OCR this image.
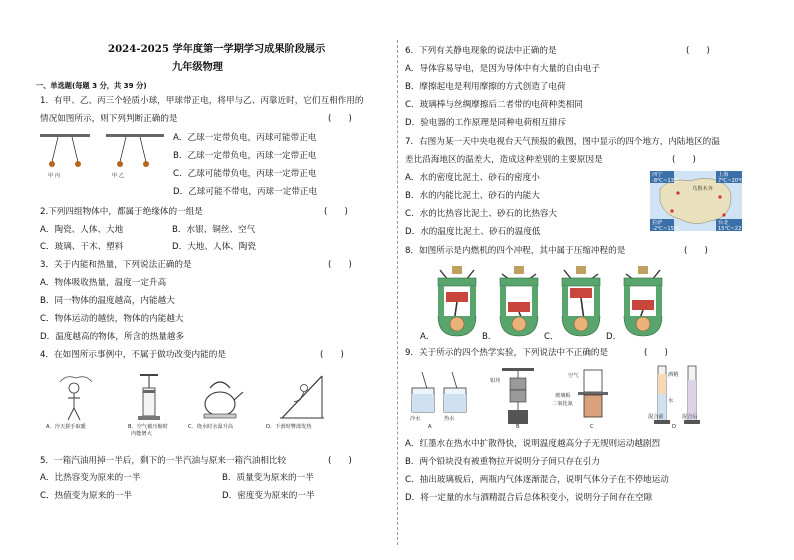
2024-2025 学年度第一学期学习成果阶段展示
九年级物理
一、单选题(每题 3 分，共 39 分)
1．有甲、乙、丙三个轻质小球，甲球带正电，将甲与乙、丙靠近时，它们互相作用的
情况如图所示，则下列判断正确的是	(　　)
甲 丙	甲 乙
A．乙球一定带负电，丙球可能带正电
B．乙球一定带负电，丙球一定带正电
C．乙球可能带负电，丙球一定带正电
D．乙球可能不带电，丙球一定带正电
2.下列四组物体中，都属于绝缘体的一组是	(　　)
A．陶瓷、人体、大地	B．水银、铜丝、空气
C．玻璃、干木、塑料	D．大地、人体、陶瓷
3．关于内能和热量，下列说法正确的是	(　　)
A．物体吸收热量，温度一定升高
B．同一物体的温度越高，内能越大
C．物体运动的越快，物体的内能越大
D．温度越高的物体，所含的热量越多
4．在如图所示事例中，不属于做功改变内能的是	(　　)
A．冷天搓手取暖	B．空气被压缩时
内能增大
C．烧水时水温升高	D．下滑时臀部发热
5．一箱汽油用掉一半后，剩下的一半汽油与原来一箱汽油相比较	(　　)
A．比热容变为原来的一半	B．质量变为原来的一半
C．热值变为原来的一半	D．密度变为原来的一半
6．下列有关静电现象的说法中正确的是	(　　)
A．导体容易导电，是因为导体中有大量的自由电子
B．摩擦起电是利用摩擦的方式创造了电荷
C．玻璃棒与丝绸摩擦后二者带的电荷种类相同
D．验电器的工作原理是同种电荷相互排斥
7．右图为某一天中央电视台天气预报的截图，图中显示的四个地方，内陆地区的温
差比沿海地区的温差大，造成这种差别的主要原因是	(　　)
A．水的密度比泥土、砂石的密度小
B．水的内能比泥土、砂石的内能大
C．水的比热容比泥土、砂石的比热容大
D．水的温度比泥土、砂石的温度低
西宁
-8℃~13℃
上海
7℃~20℃
乌鲁木齐
拉萨
-2℃~15℃
台北
15℃~22℃
8．如图所示是内燃机的四个冲程，其中属于压缩冲程的是	(　　)
A．	B．	C．	D．
9．关于所示的四个热学实验，下列说法中不正确的是	(　　)
冷水	热水
A
铅块
B
空气
玻璃板
二氧化氮
C
酒精
水
混合前	混合后
D
A．红墨水在热水中扩散得快，说明温度越高分子无规则运动越剧烈
B．两个铅块没有被重物拉开说明分子间只存在引力
C．抽出玻璃板后，两瓶内气体逐渐混合，说明气体分子在不停地运动
D．将一定量的水与酒精混合后总体积变小，说明分子间存在空隙
